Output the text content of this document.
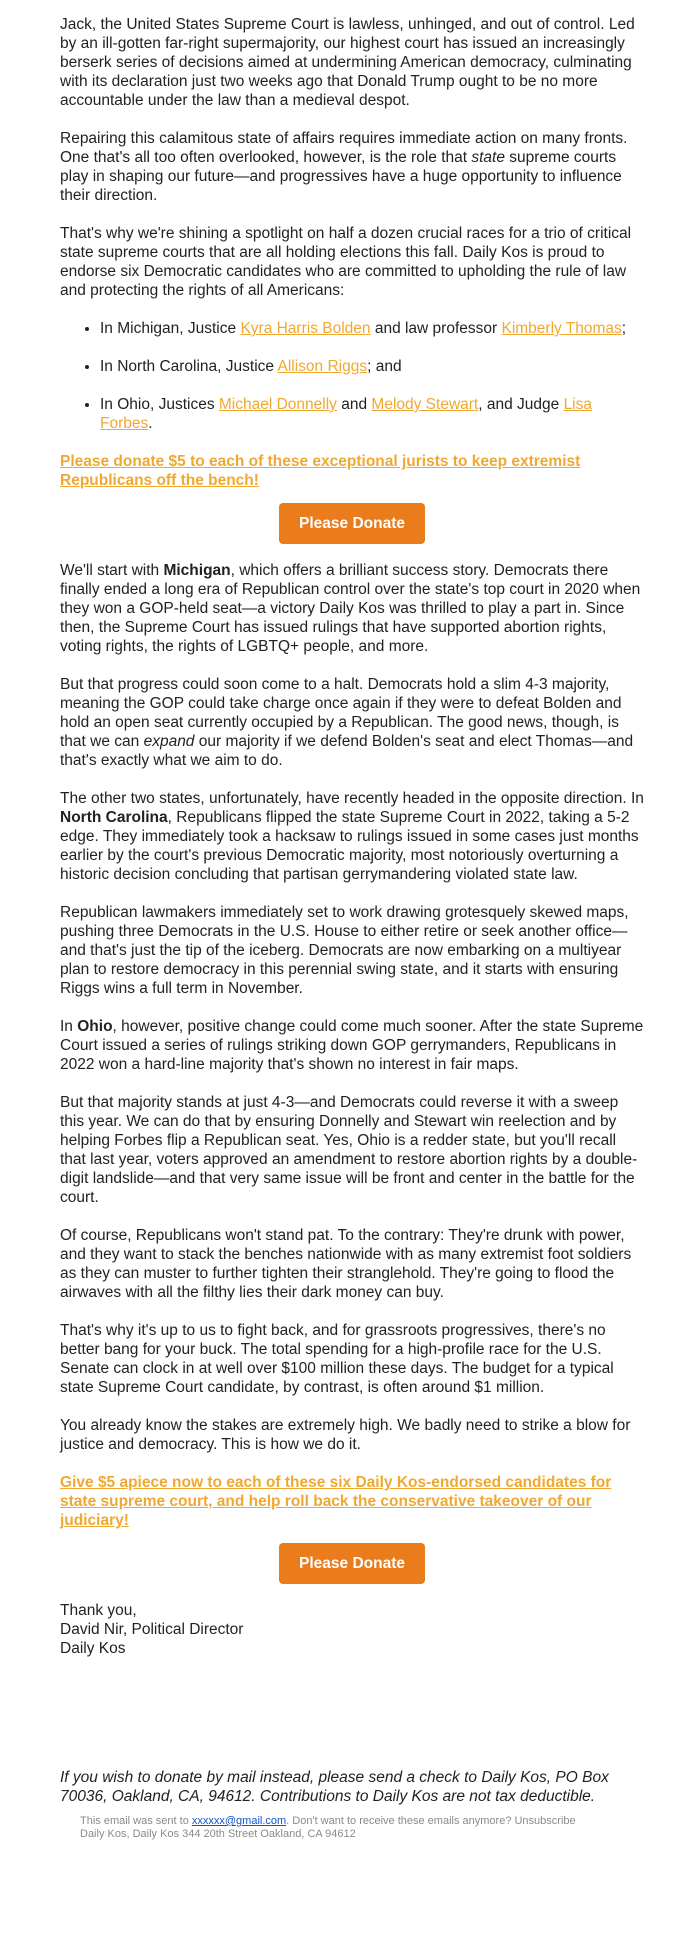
Jack, the United States Supreme Court is lawless, unhinged, and out of control. Led by an ill-gotten far-right supermajority, our highest court has issued an increasingly berserk series of decisions aimed at undermining American democracy, culminating with its declaration just two weeks ago that Donald Trump ought to be no more accountable under the law than a medieval despot.

Repairing this calamitous state of affairs requires immediate action on many fronts. One that's all too often overlooked, however, is the role that state supreme courts play in shaping our future—and progressives have a huge opportunity to influence their direction.

That's why we're shining a spotlight on half a dozen crucial races for a trio of critical state supreme courts that are all holding elections this fall. Daily Kos is proud to endorse six Democratic candidates who are committed to upholding the rule of law and protecting the rights of all Americans:

• In Michigan, Justice Kyra Harris Bolden and law professor Kimberly Thomas;
• In North Carolina, Justice Allison Riggs; and
• In Ohio, Justices Michael Donnelly and Melody Stewart, and Judge Lisa Forbes.
Please donate $5 to each of these exceptional jurists to keep extremist Republicans off the bench!
Please Donate

We'll start with Michigan, which offers a brilliant success story. Democrats there finally ended a long era of Republican control over the state's top court in 2020 when they won a GOP-held seat—a victory Daily Kos was thrilled to play a part in. Since then, the Supreme Court has issued rulings that have supported abortion rights, voting rights, the rights of LGBTQ+ people, and more.

But that progress could soon come to a halt. Democrats hold a slim 4-3 majority, meaning the GOP could take charge once again if they were to defeat Bolden and hold an open seat currently occupied by a Republican. The good news, though, is that we can expand our majority if we defend Bolden's seat and elect Thomas—and that's exactly what we aim to do.

The other two states, unfortunately, have recently headed in the opposite direction. In North Carolina, Republicans flipped the state Supreme Court in 2022, taking a 5-2 edge. They immediately took a hacksaw to rulings issued in some cases just months earlier by the court's previous Democratic majority, most notoriously overturning a historic decision concluding that partisan gerrymandering violated state law.

Republican lawmakers immediately set to work drawing grotesquely skewed maps, pushing three Democrats in the U.S. House to either retire or seek another office—and that's just the tip of the iceberg. Democrats are now embarking on a multiyear plan to restore democracy in this perennial swing state, and it starts with ensuring Riggs wins a full term in November.

In Ohio, however, positive change could come much sooner. After the state Supreme Court issued a series of rulings striking down GOP gerrymanders, Republicans in 2022 won a hard-line majority that's shown no interest in fair maps.

But that majority stands at just 4-3—and Democrats could reverse it with a sweep this year. We can do that by ensuring Donnelly and Stewart win reelection and by helping Forbes flip a Republican seat. Yes, Ohio is a redder state, but you'll recall that last year, voters approved an amendment to restore abortion rights by a double-digit landslide—and that very same issue will be front and center in the battle for the court.

Of course, Republicans won't stand pat. To the contrary: They're drunk with power, and they want to stack the benches nationwide with as many extremist foot soldiers as they can muster to further tighten their stranglehold. They're going to flood the airwaves with all the filthy lies their dark money can buy.

That's why it's up to us to fight back, and for grassroots progressives, there's no better bang for your buck. The total spending for a high-profile race for the U.S. Senate can clock in at well over $100 million these days. The budget for a typical state Supreme Court candidate, by contrast, is often around $1 million.

You already know the stakes are extremely high. We badly need to strike a blow for justice and democracy. This is how we do it.

Give $5 apiece now to each of these six Daily Kos-endorsed candidates for state supreme court, and help roll back the conservative takeover of our judiciary!
Please Donate
Thank you,
David Nir, Political Director
Daily Kos

If you wish to donate by mail instead, please send a check to Daily Kos, PO Box 70036, Oakland, CA, 94612. Contributions to Daily Kos are not tax deductible.

This email was sent to xxxxxx@gmail.com. Don't want to receive these emails anymore? Unsubscribe
Daily Kos, Daily Kos 344 20th Street Oakland, CA 94612
